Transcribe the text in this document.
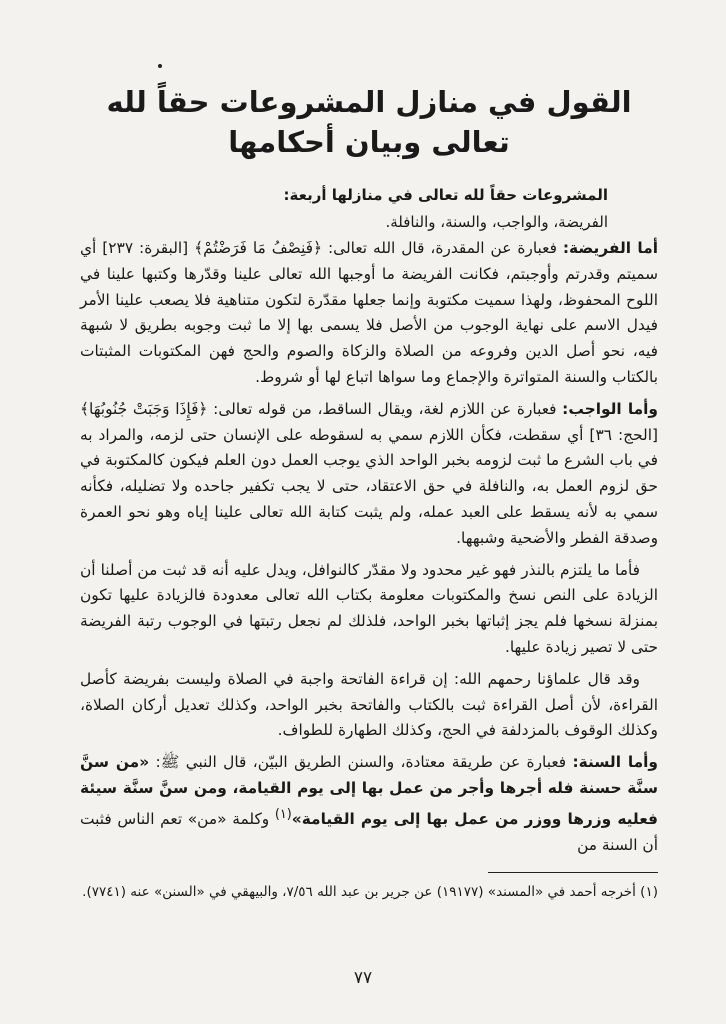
القول في منازل المشروعات حقاً لله تعالى وبيان أحكامها
المشروعات حقاً لله تعالى في منازلها أربعة:
الفريضة، والواجب، والسنة، والنافلة.

أما الفريضة: فعبارة عن المقدرة، قال الله تعالى: ﴿فَنِصْفُ مَا فَرَضْتُمْ﴾ [البقرة: ٢٣٧] أي سميتم وقدرتم وأوجبتم، فكانت الفريضة ما أوجبها الله تعالى علينا وقدّرها وكتبها علينا في اللوح المحفوظ، ولهذا سميت مكتوبة وإنما جعلها مقدّرة لتكون متناهية فلا يصعب علينا الأمر فيدل الاسم على نهاية الوجوب من الأصل فلا يسمى بها إلا ما ثبت وجوبه بطريق لا شبهة فيه، نحو أصل الدين وفروعه من الصلاة والزكاة والصوم والحج فهن المكتوبات المثبتات بالكتاب والسنة المتواترة والإجماع وما سواها اتباع لها أو شروط.

وأما الواجب: فعبارة عن اللازم لغة، ويقال الساقط، من قوله تعالى: ﴿فَإِذَا وَجَبَتْ جُنُوبُهَا﴾ [الحج: ٣٦] أي سقطت، فكأن اللازم سمي به لسقوطه على الإنسان حتى لزمه، والمراد به في باب الشرع ما ثبت لزومه بخبر الواحد الذي يوجب العمل دون العلم فيكون كالمكتوبة في حق لزوم العمل به، والنافلة في حق الاعتقاد، حتى لا يجب تكفير جاحده ولا تضليله، فكأنه سمي به لأنه يسقط على العبد عمله، ولم يثبت كتابة الله تعالى علينا إياه وهو نحو العمرة وصدقة الفطر والأضحية وشبهها.

فأما ما يلتزم بالنذر فهو غير محدود ولا مقدّر كالنوافل، ويدل عليه أنه قد ثبت من أصلنا أن الزيادة على النص نسخ والمكتوبات معلومة بكتاب الله تعالى معدودة فالزيادة عليها تكون بمنزلة نسخها فلم يجز إثباتها بخبر الواحد، فلذلك لم نجعل رتبتها في الوجوب رتبة الفريضة حتى لا تصير زيادة عليها.

وقد قال علماؤنا رحمهم الله: إن قراءة الفاتحة واجبة في الصلاة وليست بفريضة كأصل القراءة، لأن أصل القراءة ثبت بالكتاب والفاتحة بخبر الواحد، وكذلك تعديل أركان الصلاة، وكذلك الوقوف بالمزدلفة في الحج، وكذلك الطهارة للطواف.

وأما السنة: فعبارة عن طريقة معتادة، والسنن الطريق البيّن، قال النبي ﷺ: «من سنَّ سنَّة حسنة فله أجرها وأجر من عمل بها إلى يوم القيامة، ومن سنَّ سنَّة سيئة فعليه وزرها ووزر من عمل بها إلى يوم القيامة»$^{(١)}$ وكلمة «من» تعم الناس فثبت أن السنة من

(١) أخرجه أحمد في «المسند» (١٩١٧٧) عن جرير بن عبد الله ٧/٥٦، والبيهقي في «السنن» عنه (٧٧٤١).
٧٧
